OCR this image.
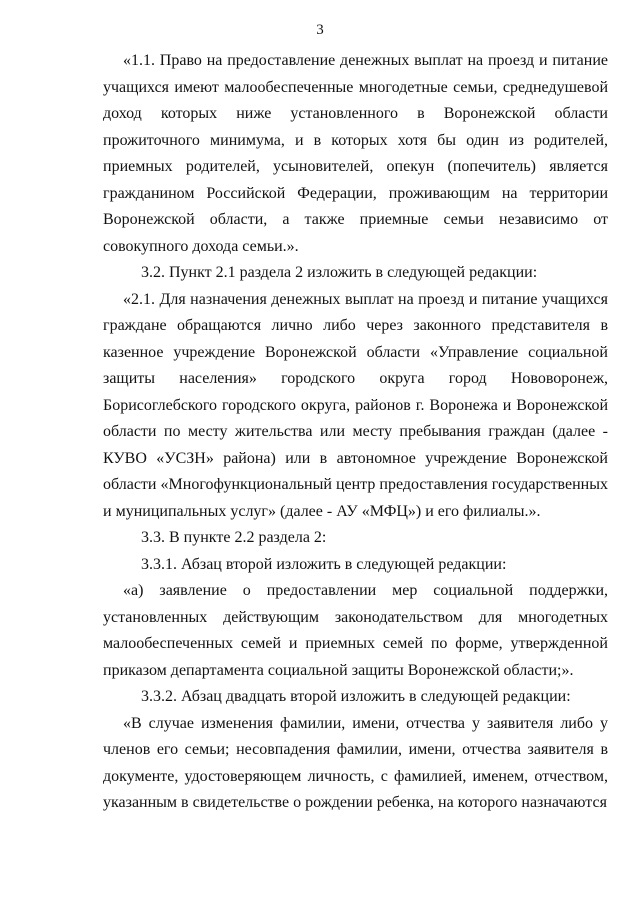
3

«1.1. Право на предоставление денежных выплат на проезд и питание учащихся имеют малообеспеченные многодетные семьи, среднедушевой доход которых ниже установленного в Воронежской области прожиточного минимума, и в которых хотя бы один из родителей, приемных родителей, усыновителей, опекун (попечитель) является гражданином Российской Федерации, проживающим на территории Воронежской области, а также приемные семьи независимо от совокупного дохода семьи.».

3.2. Пункт 2.1 раздела 2 изложить в следующей редакции:

«2.1. Для назначения денежных выплат на проезд и питание учащихся граждане обращаются лично либо через законного представителя в казенное учреждение Воронежской области «Управление социальной защиты населения» городского округа город Нововоронеж, Борисоглебского городского округа, районов г. Воронежа и Воронежской области по месту жительства или месту пребывания граждан (далее - КУВО «УСЗН» района) или в автономное учреждение Воронежской области «Многофункциональный центр предоставления государственных и муниципальных услуг» (далее - АУ «МФЦ») и его филиалы.».

3.3. В пункте 2.2 раздела 2:

3.3.1. Абзац второй изложить в следующей редакции:

«а) заявление о предоставлении мер социальной поддержки, установленных действующим законодательством для многодетных малообеспеченных семей и приемных семей по форме, утвержденной приказом департамента социальной защиты Воронежской области;».

3.3.2. Абзац двадцать второй изложить в следующей редакции:

«В случае изменения фамилии, имени, отчества у заявителя либо у членов его семьи; несовпадения фамилии, имени, отчества заявителя в документе, удостоверяющем личность, с фамилией, именем, отчеством, указанным в свидетельстве о рождении ребенка, на которого назначаются
